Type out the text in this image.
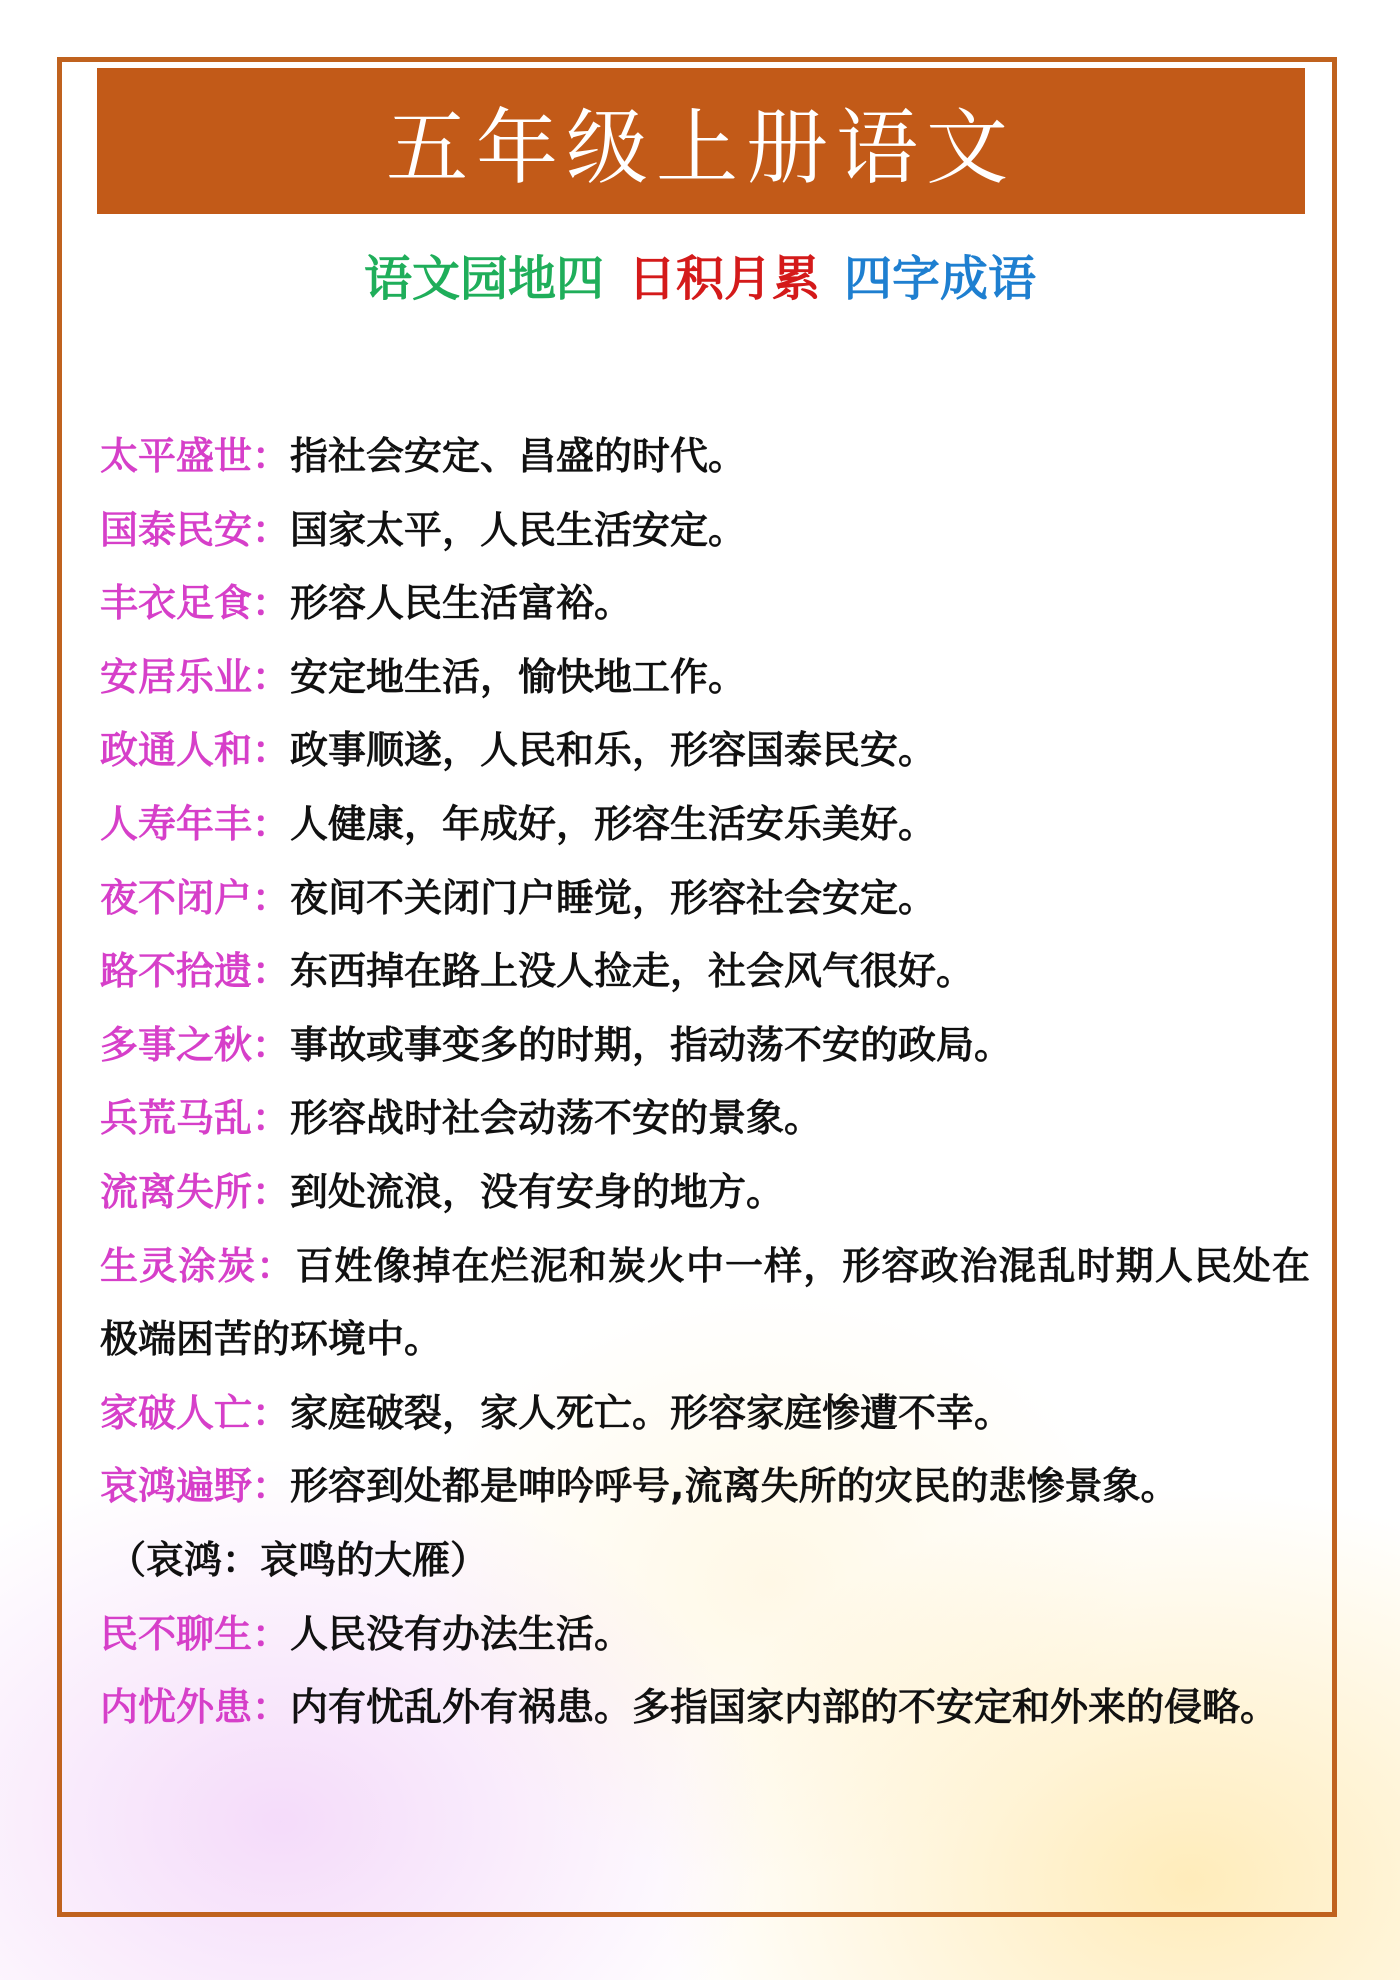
五年级上册语文
语文园地四 日积月累 四字成语
太平盛世：指社会安定、昌盛的时代。
国泰民安：国家太平，人民生活安定。
丰衣足食：形容人民生活富裕。
安居乐业：安定地生活，愉快地工作。
政通人和：政事顺遂，人民和乐，形容国泰民安。
人寿年丰：人健康，年成好，形容生活安乐美好。
夜不闭户：夜间不关闭门户睡觉，形容社会安定。
路不拾遗：东西掉在路上没人捡走，社会风气很好。
多事之秋：事故或事变多的时期，指动荡不安的政局。
兵荒马乱：形容战时社会动荡不安的景象。
流离失所：到处流浪，没有安身的地方。
生灵涂炭：百姓像掉在烂泥和炭火中一样，形容政治混乱时期人民处在极端困苦的环境中。
家破人亡：家庭破裂，家人死亡。形容家庭惨遭不幸。
哀鸿遍野：形容到处都是呻吟呼号,流离失所的灾民的悲惨景象。
（哀鸿：哀鸣的大雁）
民不聊生：人民没有办法生活。
内忧外患：内有忧乱外有祸患。多指国家内部的不安定和外来的侵略。
